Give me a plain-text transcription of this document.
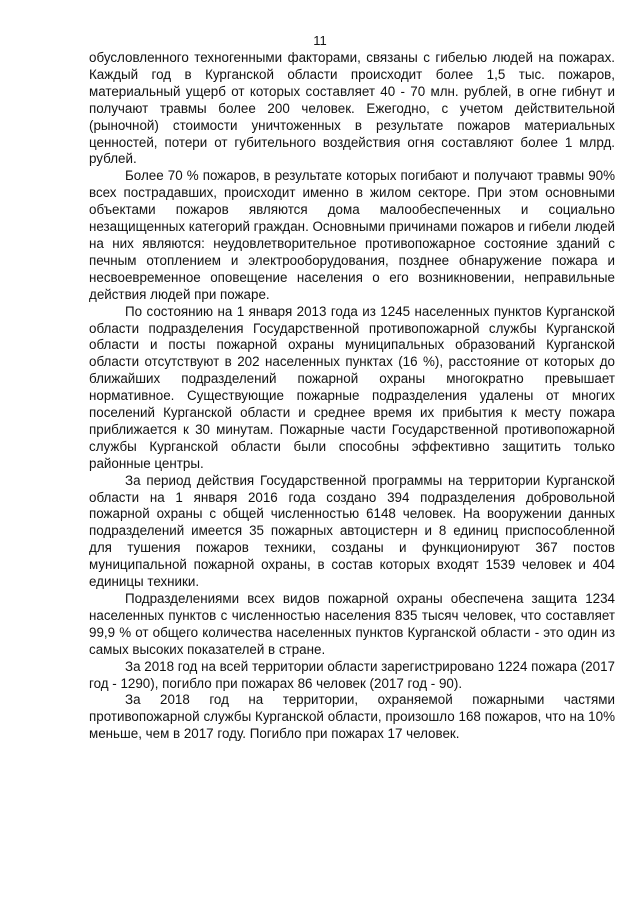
11

обусловленного техногенными факторами, связаны с гибелью людей на пожарах. Каждый год в Курганской области происходит более 1,5 тыс. пожаров, материальный ущерб от которых составляет 40 - 70 млн. рублей, в огне гибнут и получают травмы более 200 человек. Ежегодно, с учетом действительной (рыночной) стоимости уничтоженных в результате пожаров материальных ценностей, потери от губительного воздействия огня составляют более 1 млрд. рублей.

Более 70 % пожаров, в результате которых погибают и получают травмы 90% всех пострадавших, происходит именно в жилом секторе. При этом основными объектами пожаров являются дома малообеспеченных и социально незащищенных категорий граждан. Основными причинами пожаров и гибели людей на них являются: неудовлетворительное противопожарное состояние зданий с печным отоплением и электрооборудования, позднее обнаружение пожара и несвоевременное оповещение населения о его возникновении, неправильные действия людей при пожаре.

По состоянию на 1 января 2013 года из 1245 населенных пунктов Курганской области подразделения Государственной противопожарной службы Курганской области и посты пожарной охраны муниципальных образований Курганской области отсутствуют в 202 населенных пунктах (16 %), расстояние от которых до ближайших подразделений пожарной охраны многократно превышает нормативное. Существующие пожарные подразделения удалены от многих поселений Курганской области и среднее время их прибытия к месту пожара приближается к 30 минутам. Пожарные части Государственной противопожарной службы Курганской области были способны эффективно защитить только районные центры.

За период действия Государственной программы на территории Курганской области на 1 января 2016 года создано 394 подразделения добровольной пожарной охраны с общей численностью 6148 человек. На вооружении данных подразделений имеется 35 пожарных автоцистерн и 8 единиц приспособленной для тушения пожаров техники, созданы и функционируют 367 постов муниципальной пожарной охраны, в состав которых входят 1539 человек и 404 единицы техники.

Подразделениями всех видов пожарной охраны обеспечена защита 1234 населенных пунктов с численностью населения 835 тысяч человек, что составляет 99,9 % от общего количества населенных пунктов Курганской области - это один из самых высоких показателей в стране.

За 2018 год на всей территории области зарегистрировано 1224 пожара (2017 год - 1290), погибло при пожарах 86 человек (2017 год - 90).

За 2018 год на территории, охраняемой пожарными частями противопожарной службы Курганской области, произошло 168 пожаров, что на 10% меньше, чем в 2017 году. Погибло при пожарах 17 человек.
